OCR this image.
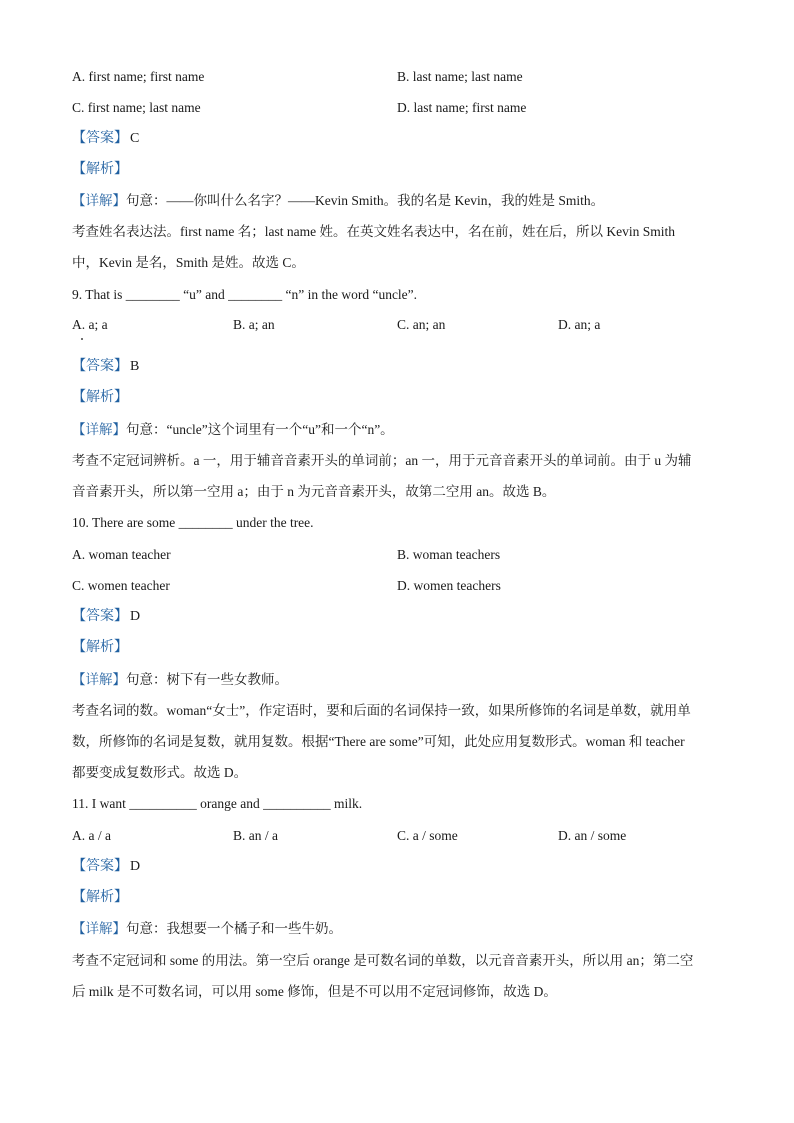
A. first name; first name	B. last name; last name
C. first name; last name	D. last name; first name
【答案】 C
【解析】
【详解】句意：——你叫什么名字？——Kevin Smith。我的名是 Kevin，我的姓是 Smith。
考查姓名表达法。first name 名；last name 姓。在英文姓名表达中，名在前，姓在后，所以 Kevin Smith
中，Kevin 是名，Smith 是姓。故选 C。
9. That is ________ “u” and ________ “n” in the word “uncle”.
A. a; a	B. a; an	C. an; an	D. an; a
【答案】 B
【解析】
【详解】句意：“uncle”这个词里有一个“u”和一个“n”。
考查不定冠词辨析。a 一，用于辅音音素开头的单词前；an 一，用于元音音素开头的单词前。由于 u 为辅
音音素开头，所以第一空用 a；由于 n 为元音音素开头，故第二空用 an。故选 B。
10. There are some ________ under the tree.
A. woman teacher	B. woman teachers
C. women teacher	D. women teachers
【答案】 D
【解析】
【详解】句意：树下有一些女教师。
考查名词的数。woman“女士”，作定语时，要和后面的名词保持一致，如果所修饰的名词是单数，就用单
数，所修饰的名词是复数，就用复数。根据“There are some”可知，此处应用复数形式。woman 和 teacher
都要变成复数形式。故选 D。
11. I want __________ orange and __________ milk.
A. a / a	B. an / a	C. a / some	D. an / some
【答案】 D
【解析】
【详解】句意：我想要一个橘子和一些牛奶。
考查不定冠词和 some 的用法。第一空后 orange 是可数名词的单数，以元音音素开头，所以用 an；第二空
后 milk 是不可数名词，可以用 some 修饰，但是不可以用不定冠词修饰，故选 D。
